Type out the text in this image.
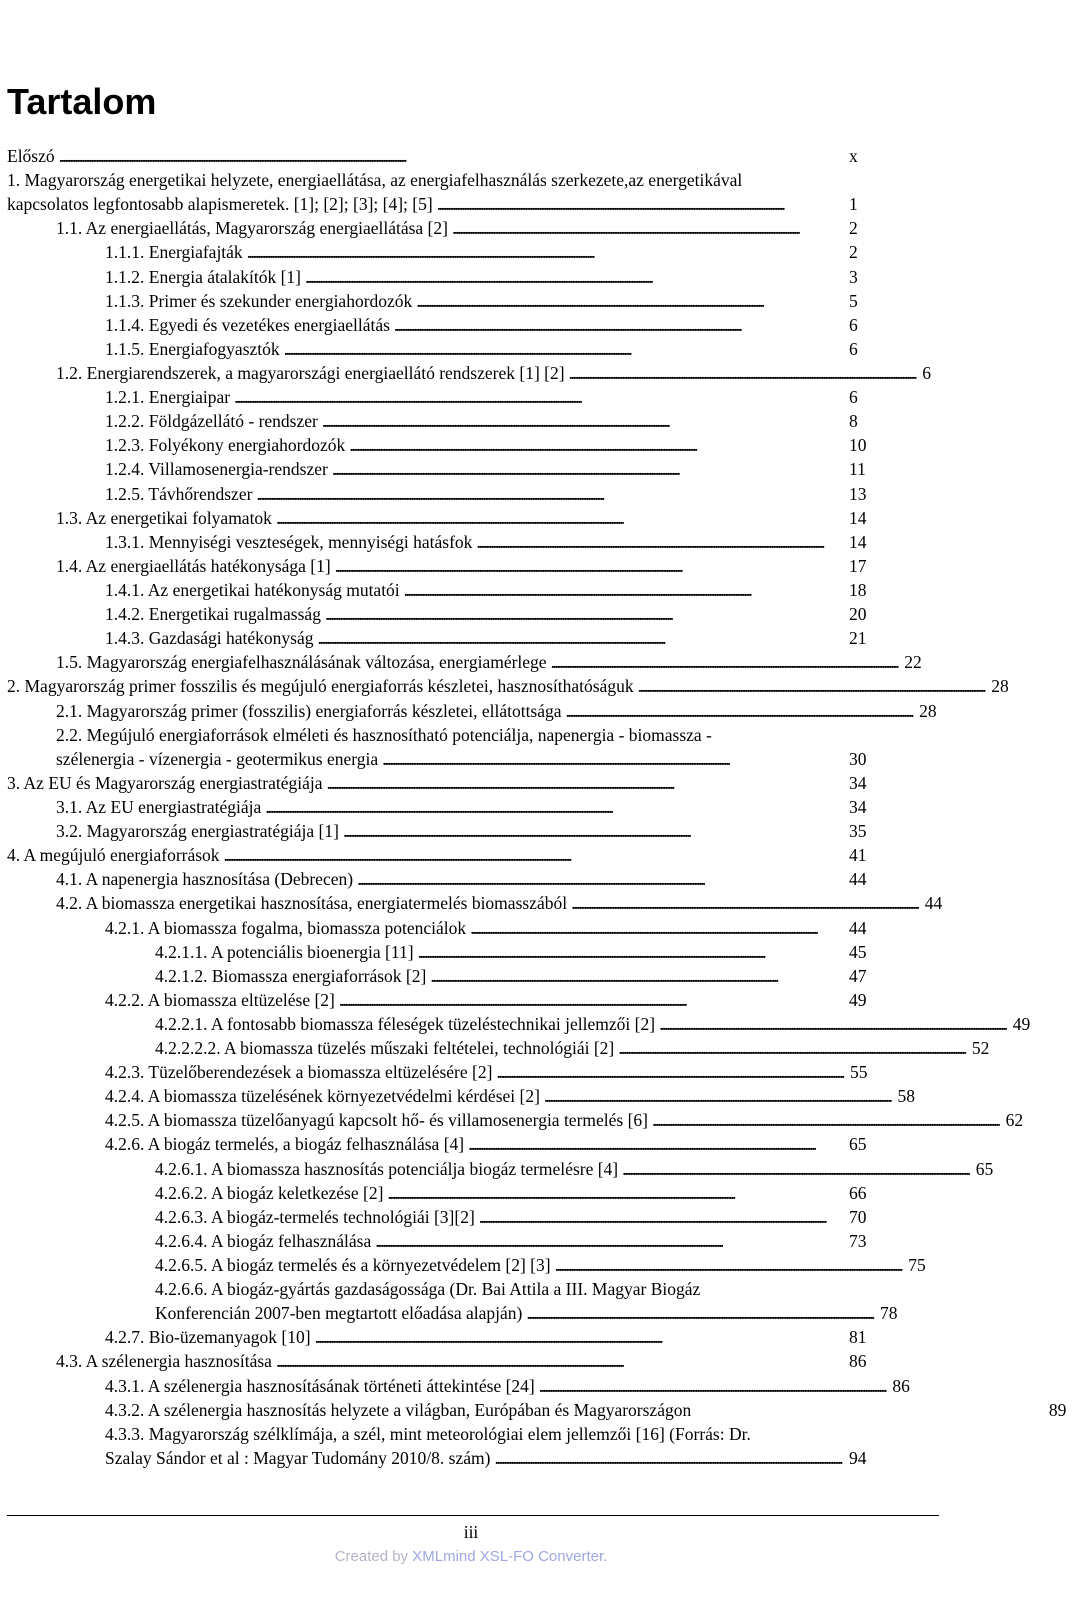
Tartalom
Előszó . . .	x
1. Magyarország energetikai helyzete, energiaellátása, az energiafelhasználás szerkezete,az energetikával
kapcsolatos legfontosabb alapismeretek. [1]; [2]; [3]; [4]; [5] . . .	1
1.1. Az energiaellátás, Magyarország energiaellátása [2] . . .	2
1.1.1. Energiafajták . . .	2
1.1.2. Energia átalakítók [1] . . .	3
1.1.3. Primer és szekunder energiahordozók . . .	5
1.1.4. Egyedi és vezetékes energiaellátás . . .	6
1.1.5. Energiafogyasztók . . .	6
1.2. Energiarendszerek, a magyarországi energiaellátó rendszerek [1] [2] . . .	6
1.2.1. Energiaipar . . .	6
1.2.2. Földgázellátó - rendszer . . .	8
1.2.3. Folyékony energiahordozók . . .	10
1.2.4. Villamosenergia-rendszer . . .	11
1.2.5. Távhőrendszer . . .	13
1.3. Az energetikai folyamatok . . .	14
1.3.1. Mennyiségi veszteségek, mennyiségi hatásfok . . .	14
1.4. Az energiaellátás hatékonysága [1] . . .	17
1.4.1. Az energetikai hatékonyság mutatói . . .	18
1.4.2. Energetikai rugalmasság . . .	20
1.4.3. Gazdasági hatékonyság . . .	21
1.5. Magyarország energiafelhasználásának változása, energiamérlege . . .	22
2. Magyarország primer fosszilis és megújuló energiaforrás készletei, hasznosíthatóságuk . . .	28
2.1. Magyarország primer (fosszilis) energiaforrás készletei, ellátottsága . . .	28
2.2. Megújuló energiaforrások elméleti és hasznosítható potenciálja, napenergia - biomassza -
szélenergia - vízenergia - geotermikus energia . . .	30
3. Az EU és Magyarország energiastratégiája . . .	34
3.1. Az EU energiastratégiája . . .	34
3.2. Magyarország energiastratégiája [1] . . .	35
4. A megújuló energiaforrások . . .	41
4.1. A napenergia hasznosítása (Debrecen) . . .	44
4.2. A biomassza energetikai hasznosítása, energiatermelés biomasszából . . .	44
4.2.1. A biomassza fogalma, biomassza potenciálok . . .	44
4.2.1.1. A potenciális bioenergia [11] . . .	45
4.2.1.2. Biomassza energiaforrások [2] . . .	47
4.2.2. A biomassza eltüzelése [2] . . .	49
4.2.2.1. A fontosabb biomassza féleségek tüzeléstechnikai jellemzői [2] . . .	49
4.2.2.2.2. A biomassza tüzelés műszaki feltételei, technológiái [2] . . .	52
4.2.3. Tüzelőberendezések a biomassza eltüzelésére [2] . . .	55
4.2.4. A biomassza tüzelésének környezetvédelmi kérdései [2] . . .	58
4.2.5. A biomassza tüzelőanyagú kapcsolt hő- és villamosenergia termelés [6] . . .	62
4.2.6. A biogáz termelés, a biogáz felhasználása [4] . . .	65
4.2.6.1. A biomassza hasznosítás potenciálja biogáz termelésre [4] . . .	65
4.2.6.2. A biogáz keletkezése [2] . . .	66
4.2.6.3. A biogáz-termelés technológiái [3][2] . . .	70
4.2.6.4. A biogáz felhasználása . . .	73
4.2.6.5. A biogáz termelés és a környezetvédelem [2] [3] . . .	75
4.2.6.6. A biogáz-gyártás gazdaságossága (Dr. Bai Attila a III. Magyar Biogáz
Konferencián 2007-ben megtartott előadása alapján) . . .	78
4.2.7. Bio-üzemanyagok [10] . . .	81
4.3. A szélenergia hasznosítása . . .	86
4.3.1. A szélenergia hasznosításának történeti áttekintése [24] . . .	86
4.3.2. A szélenergia hasznosítás helyzete a világban, Európában és Magyarországon	89
4.3.3. Magyarország szélklímája, a szél, mint meteorológiai elem jellemzői [16] (Forrás: Dr.
Szalay Sándor et al : Magyar Tudomány 2010/8. szám) . . .	94
iii
Created by XMLmind XSL-FO Converter.
